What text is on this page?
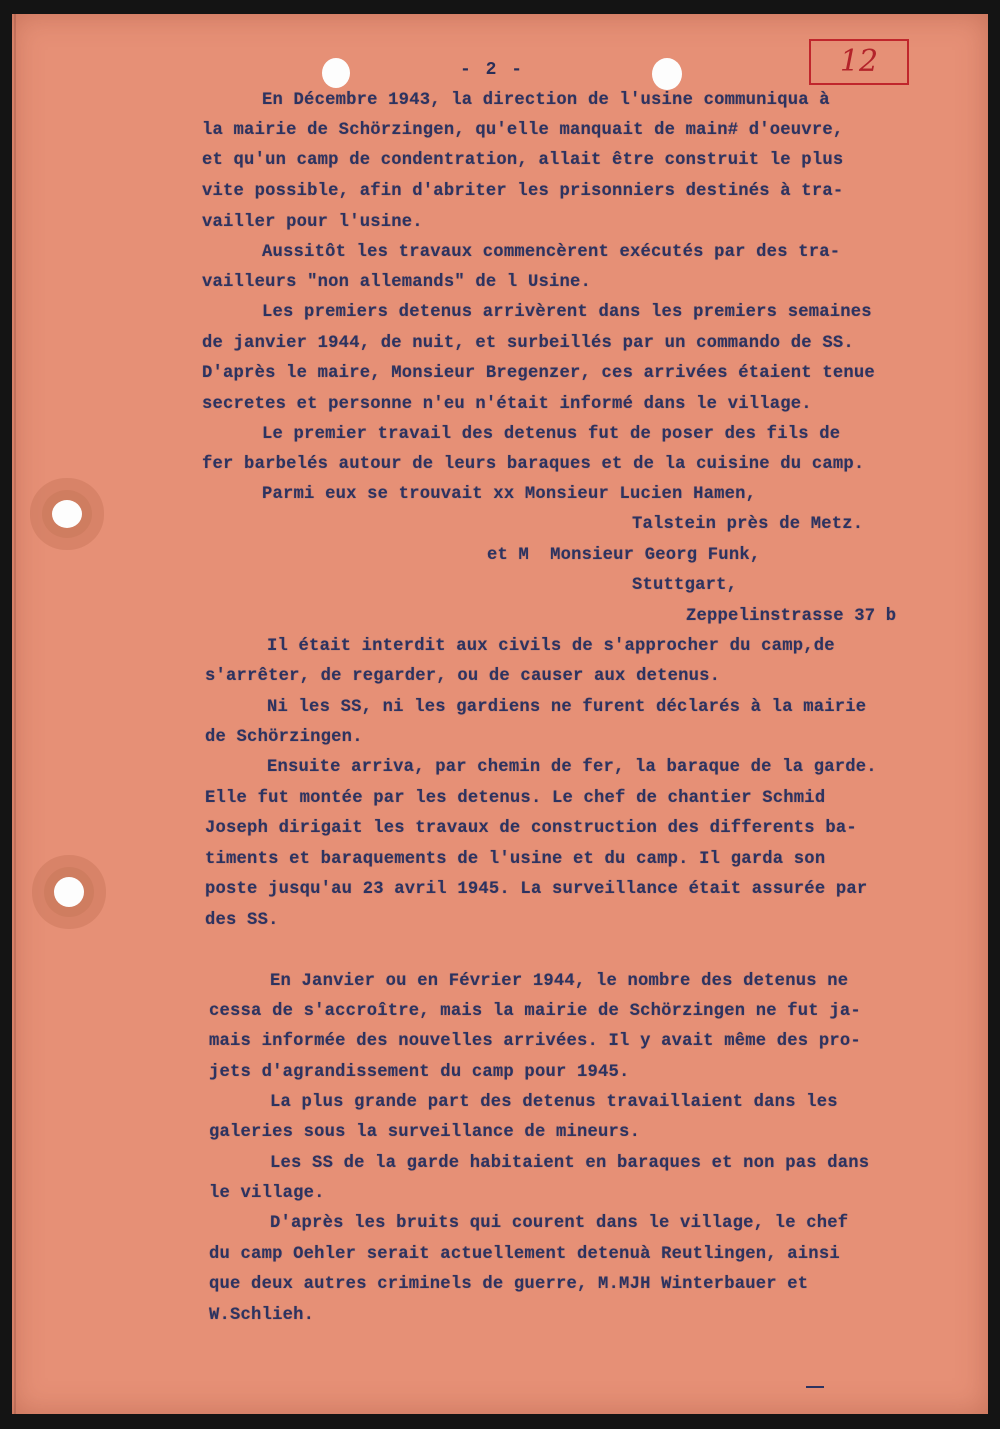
12
- 2 -
En Décembre 1943, la direction de l'usine communiqua à
la mairie de Schörzingen, qu'elle manquait de main# d'oeuvre,
et qu'un camp de condentration, allait être construit le plus
vite possible, afin d'abriter les prisonniers destinés à tra-
vailler pour l'usine.
Aussitôt les travaux commencèrent exécutés par des tra-
vailleurs "non allemands" de l Usine.
Les premiers detenus arrivèrent dans les premiers semaines
de janvier 1944, de nuit, et surbeillés par un commando de SS.
D'après le maire, Monsieur Bregenzer, ces arrivées étaient tenue
secretes et personne n'eu n'était informé dans le village.
Le premier travail des detenus fut de poser des fils de
fer barbelés autour de leurs baraques et de la cuisine du camp.
Parmi eux se trouvait xx Monsieur Lucien Hamen,
Talstein près de Metz.
et M  Monsieur Georg Funk,
Stuttgart,
Zeppelinstrasse 37 b
Il était interdit aux civils de s'approcher du camp,de
s'arrêter, de regarder, ou de causer aux detenus.
Ni les SS, ni les gardiens ne furent déclarés à la mairie
de Schörzingen.
Ensuite arriva, par chemin de fer, la baraque de la garde.
Elle fut montée par les detenus. Le chef de chantier Schmid
Joseph dirigait les travaux de construction des differents ba-
timents et baraquements de l'usine et du camp. Il garda son
poste jusqu'au 23 avril 1945. La surveillance était assurée par
des SS.
En Janvier ou en Février 1944, le nombre des detenus ne
cessa de s'accroître, mais la mairie de Schörzingen ne fut ja-
mais informée des nouvelles arrivées. Il y avait même des pro-
jets d'agrandissement du camp pour 1945.
La plus grande part des detenus travaillaient dans les
galeries sous la surveillance de mineurs.
Les SS de la garde habitaient en baraques et non pas dans
le village.
D'après les bruits qui courent dans le village, le chef
du camp Oehler serait actuellement detenuà Reutlingen, ainsi
que deux autres criminels de guerre, M.MJH Winterbauer et
W.Schlieh.
